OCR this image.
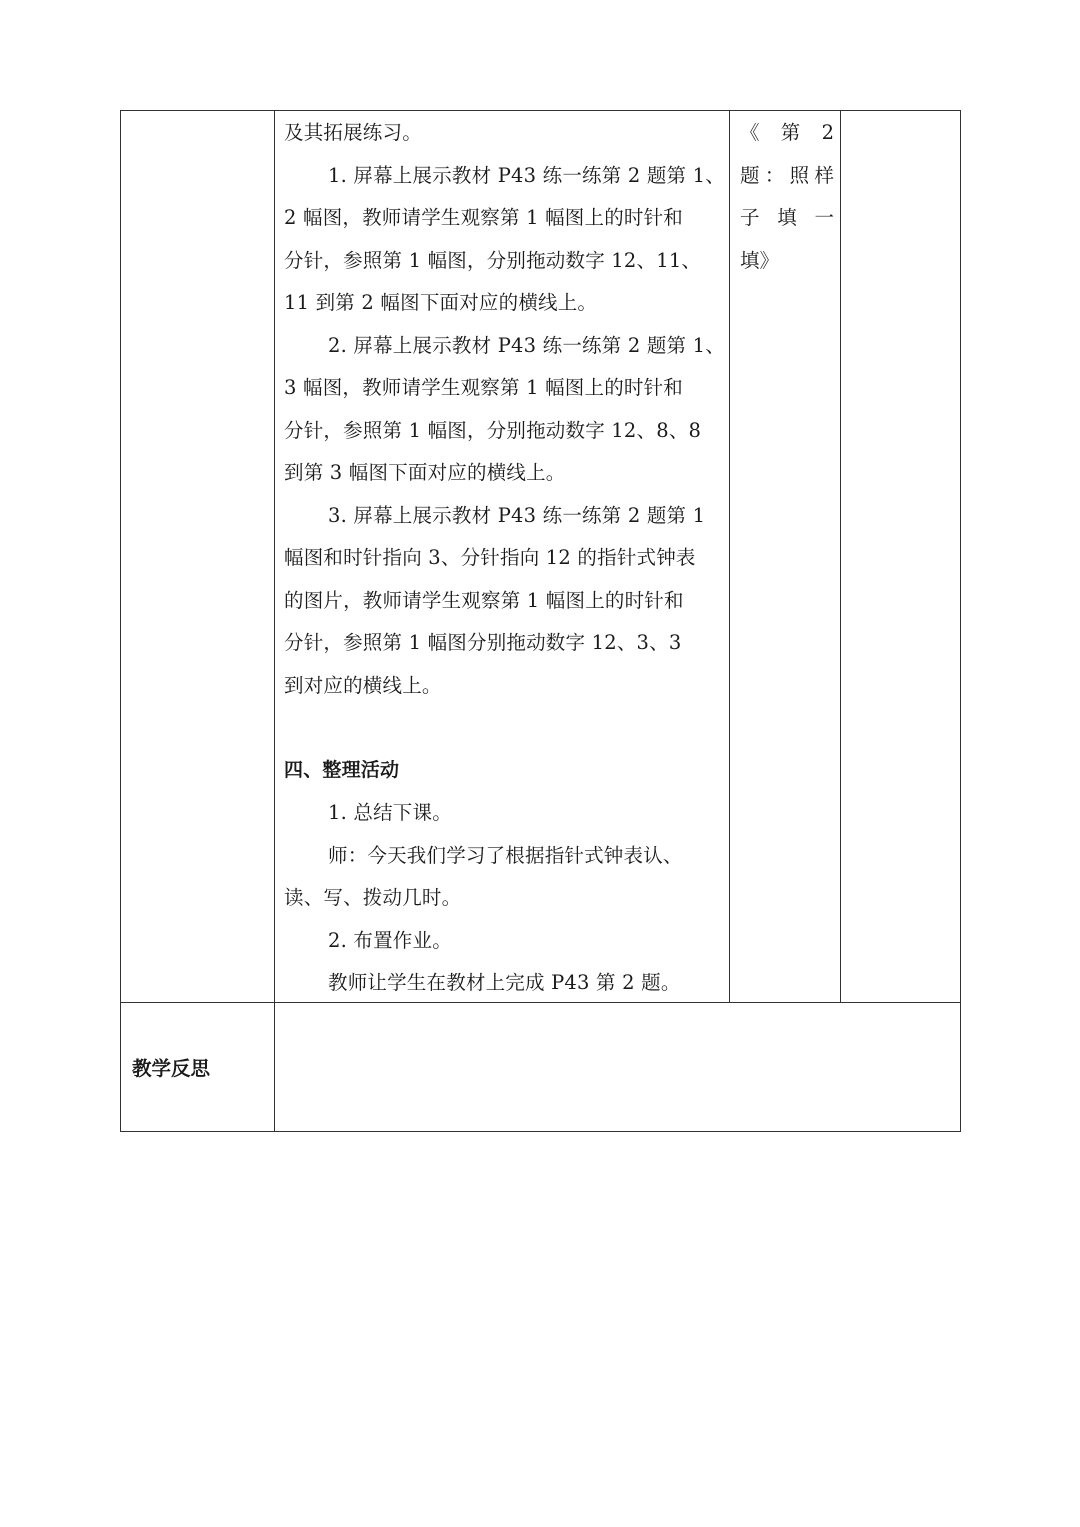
及其拓展练习。
1. 屏幕上展示教材 P43 练一练第 2 题第 1、
2 幅图，教师请学生观察第 1 幅图上的时针和
分针，参照第 1 幅图，分别拖动数字 12、11、
11 到第 2 幅图下面对应的横线上。
2. 屏幕上展示教材 P43 练一练第 2 题第 1、
3 幅图，教师请学生观察第 1 幅图上的时针和
分针，参照第 1 幅图，分别拖动数字 12、8、8
到第 3 幅图下面对应的横线上。
3. 屏幕上展示教材 P43 练一练第 2 题第 1
幅图和时针指向 3、分针指向 12 的指针式钟表
的图片，教师请学生观察第 1 幅图上的时针和
分针，参照第 1 幅图分别拖动数字 12、3、3
到对应的横线上。
四、整理活动
1. 总结下课。
师：今天我们学习了根据指针式钟表认、
读、写、拨动几时。
2. 布置作业。
教师让学生在教材上完成 P43 第 2 题。
《 第 2
题：照样
子 填 一
填》
教学反思
